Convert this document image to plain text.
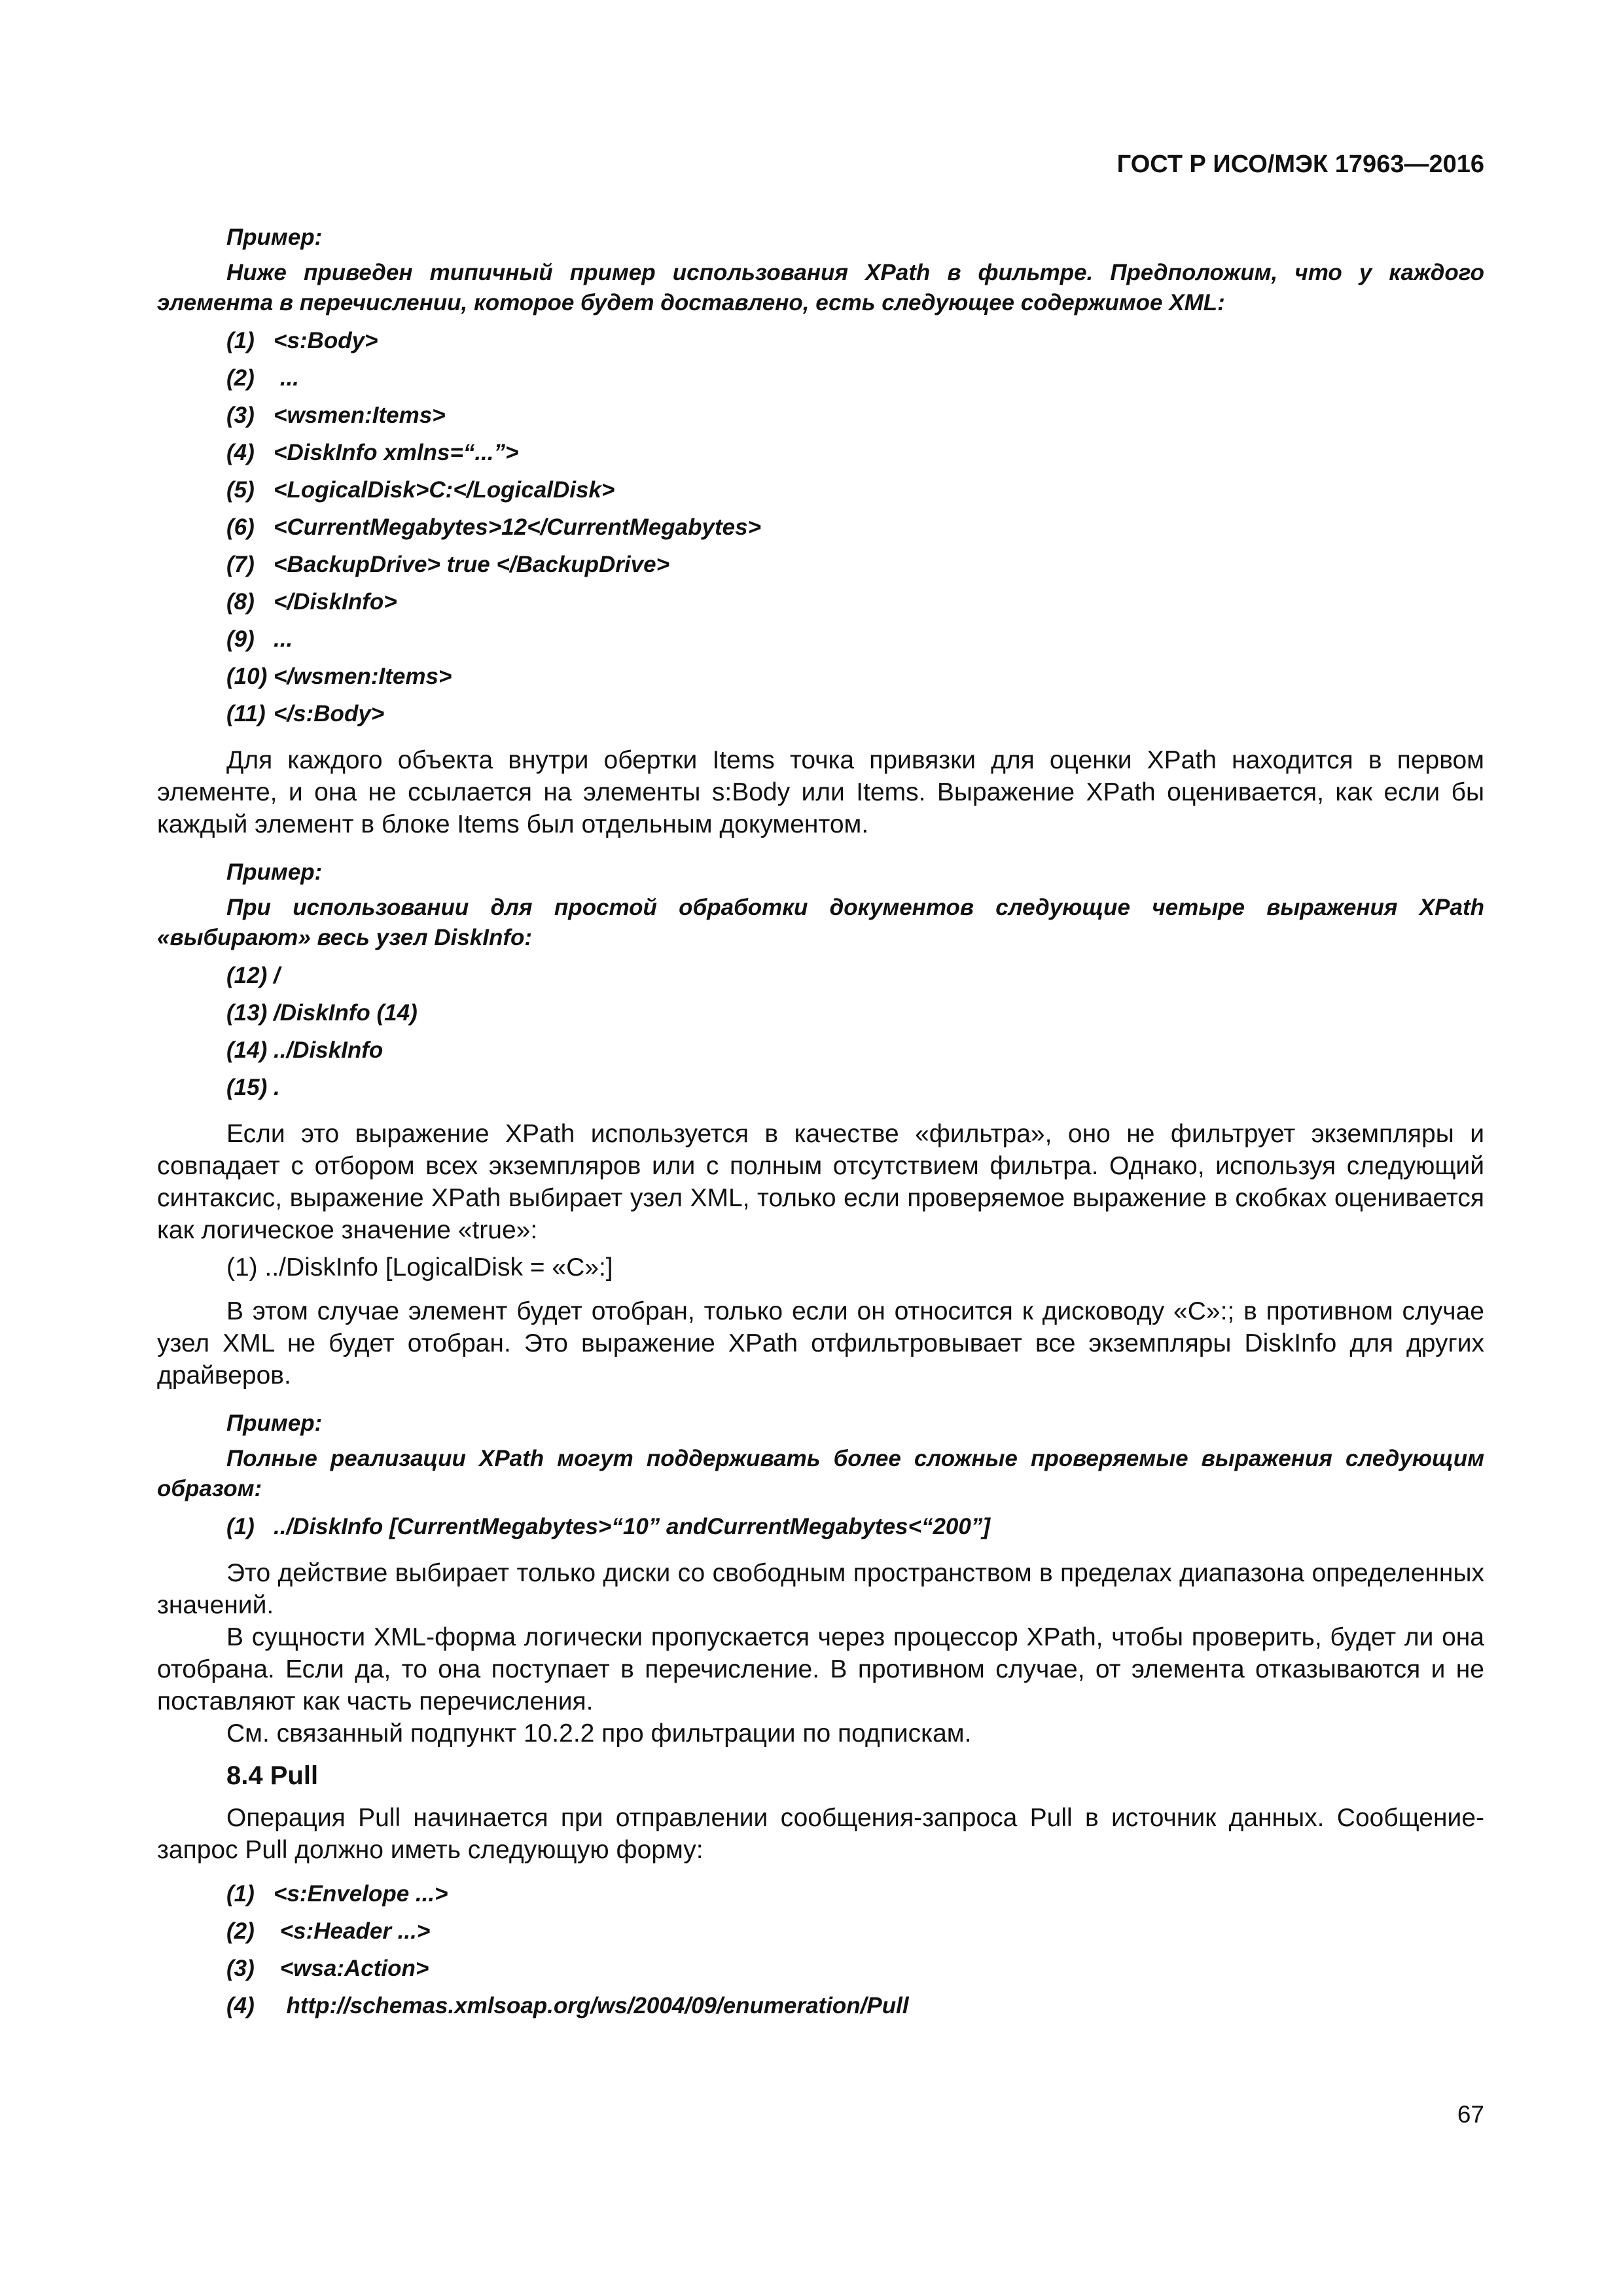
ГОСТ Р ИСО/МЭК 17963—2016

Пример:

Ниже приведен типичный пример использования XPath в фильтре. Предположим, что у каждого элемента в перечислении, которое будет доставлено, есть следующее содержимое XML:

(1) <s:Body>
(2) ...
(3) <wsmen:Items>
(4) <DiskInfo xmlns=“...”>
(5) <LogicalDisk>C:</LogicalDisk>
(6) <CurrentMegabytes>12</CurrentMegabytes>
(7) <BackupDrive> true </BackupDrive>
(8) </DiskInfo>
(9) ...
(10) </wsmen:Items>
(11) </s:Body>

Для каждого объекта внутри обертки Items точка привязки для оценки XPath находится в первом элементе, и она не ссылается на элементы s:Body или Items. Выражение XPath оценивается, как если бы каждый элемент в блоке Items был отдельным документом.

Пример:

При использовании для простой обработки документов следующие четыре выражения XPath «выбирают» весь узел DiskInfo:

(12) /
(13) /DiskInfo (14)
(14) ../DiskInfo
(15) .

Если это выражение XPath используется в качестве «фильтра», оно не фильтрует экземпляры и совпадает с отбором всех экземпляров или с полным отсутствием фильтра. Однако, используя следующий синтаксис, выражение XPath выбирает узел XML, только если проверяемое выражение в скобках оценивается как логическое значение «true»:

(1) ../DiskInfo [LogicalDisk = «C»:]

В этом случае элемент будет отобран, только если он относится к дисководу «C»:; в противном случае узел XML не будет отобран. Это выражение XPath отфильтровывает все экземпляры DiskInfo для других драйверов.

Пример:

Полные реализации XPath могут поддерживать более сложные проверяемые выражения следующим образом:

(1) ../DiskInfo [CurrentMegabytes>“10” andCurrentMegabytes<“200”]

Это действие выбирает только диски со свободным пространством в пределах диапазона определенных значений.

В сущности XML-форма логически пропускается через процессор XPath, чтобы проверить, будет ли она отобрана. Если да, то она поступает в перечисление. В противном случае, от элемента отказываются и не поставляют как часть перечисления.

См. связанный подпункт 10.2.2 про фильтрации по подпискам.

8.4 Pull

Операция Pull начинается при отправлении сообщения-запроса Pull в источник данных. Сообщение-запрос Pull должно иметь следующую форму:

(1) <s:Envelope ...>
(2) <s:Header ...>
(3) <wsa:Action>
(4)  http://schemas.xmlsoap.org/ws/2004/09/enumeration/Pull
67
